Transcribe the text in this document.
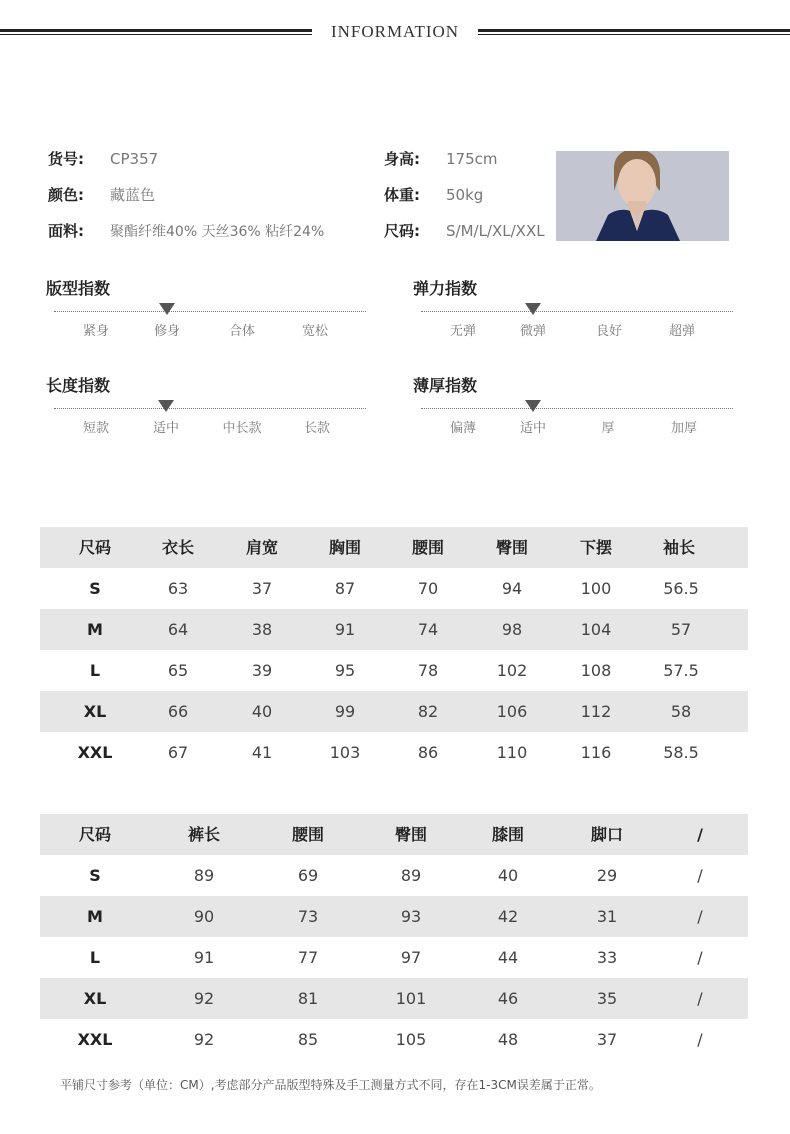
INFORMATION
货号: CP357
颜色: 藏蓝色
面料: 聚酯纤维40% 天丝36% 粘纤24%
身高: 175cm
体重: 50kg
尺码: S/M/L/XL/XXL
版型指数
紧身	修身	合体	宽松
弹力指数
无弹	微弹	良好	超弹
长度指数
短款	适中	中长款	长款
薄厚指数
偏薄	适中	厚	加厚
尺码	衣长	肩宽	胸围	腰围	臀围	下摆	袖长
S	63	37	87	70	94	100	56.5
M	64	38	91	74	98	104	57
L	65	39	95	78	102	108	57.5
XL	66	40	99	82	106	112	58
XXL	67	41	103	86	110	116	58.5
尺码	裤长	腰围	臀围	膝围	脚口	/
S	89	69	89	40	29	/
M	90	73	93	42	31	/
L	91	77	97	44	33	/
XL	92	81	101	46	35	/
XXL	92	85	105	48	37	/
平铺尺寸参考（单位：CM）,考虑部分产品版型特殊及手工测量方式不同，存在1-3CM误差属于正常。
